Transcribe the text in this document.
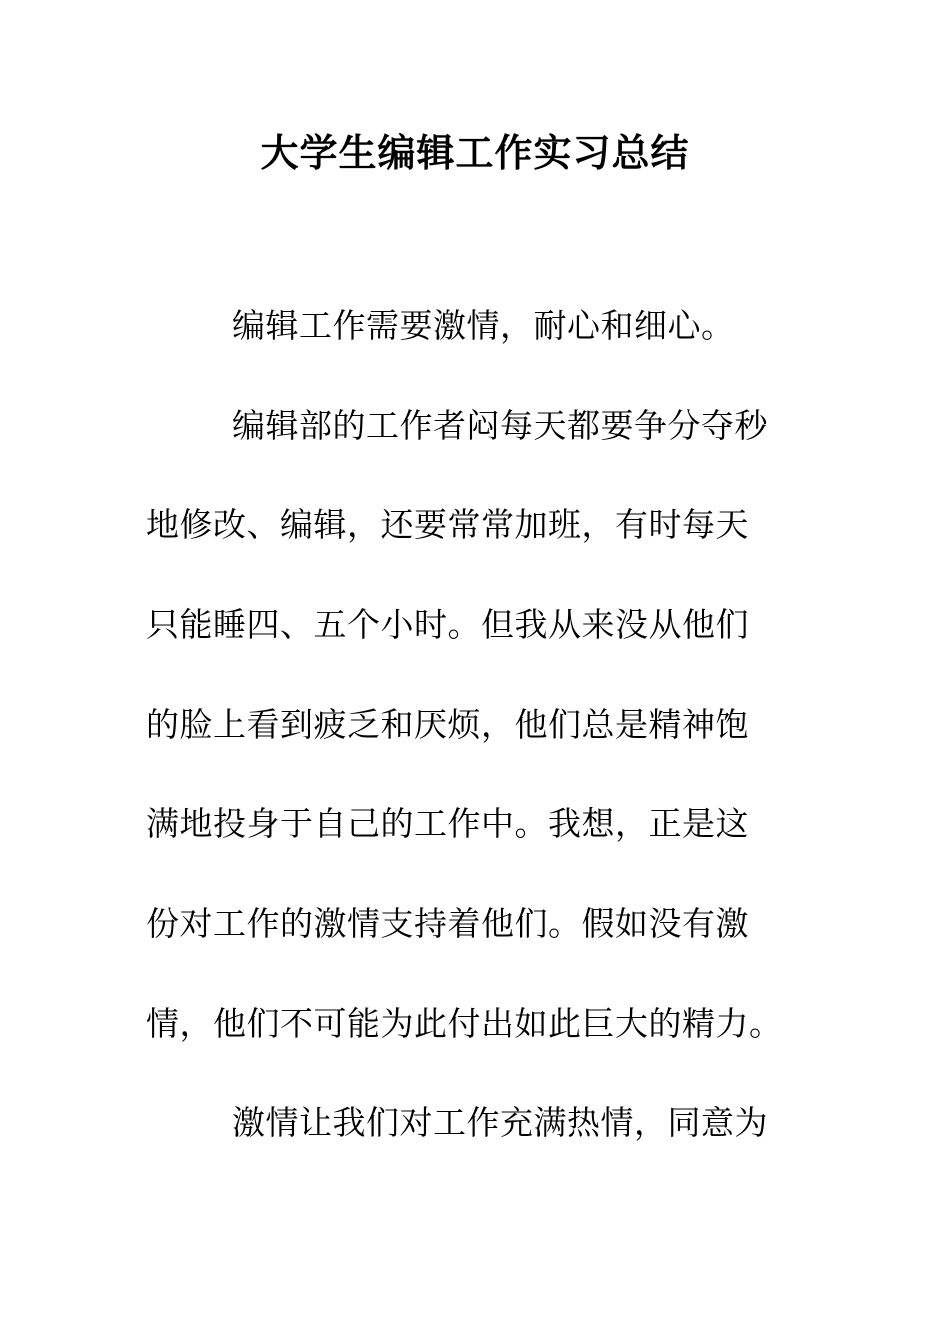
大学生编辑工作实习总结
编辑工作需要激情，耐心和细心。
编辑部的工作者闷每天都要争分夺秒
地修改、编辑，还要常常加班，有时每天
只能睡四、五个小时。但我从来没从他们
的脸上看到疲乏和厌烦，他们总是精神饱
满地投身于自己的工作中。我想，正是这
份对工作的激情支持着他们。假如没有激
情，他们不可能为此付出如此巨大的精力。
激情让我们对工作充满热情，同意为
